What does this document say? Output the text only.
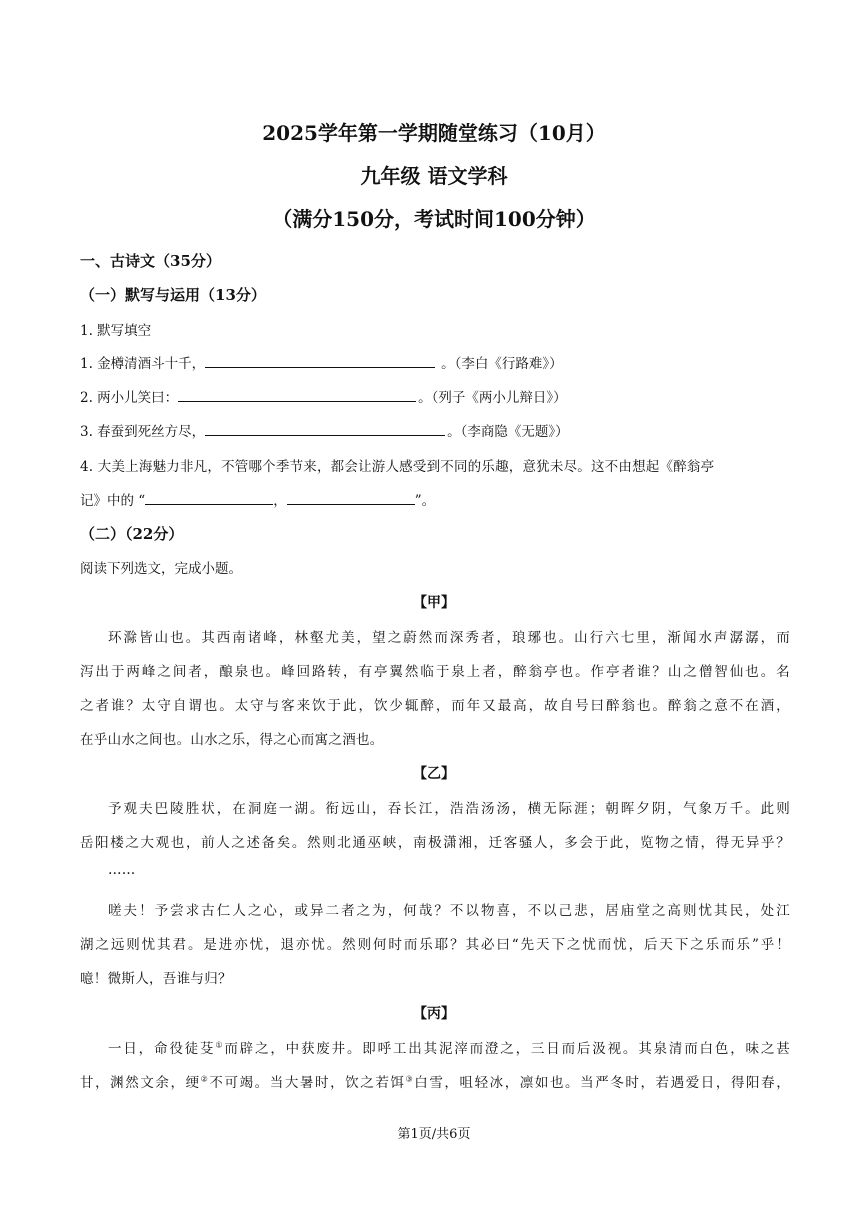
2025学年第一学期随堂练习（10月）
九年级 语文学科
（满分150分，考试时间100分钟）
一、古诗文（35分）
（一）默写与运用（13分）
1. 默写填空
1. 金樽清酒斗十千，	。（李白《行路难》）
2. 两小儿笑曰：	。（列子《两小儿辩日》）
3. 春蚕到死丝方尽，	。（李商隐《无题》）
4. 大美上海魅力非凡，不管哪个季节来，都会让游人感受到不同的乐趣，意犹未尽。这不由想起《醉翁亭
记》中的 “	，	”。
（二）（22分）
阅读下列选文，完成小题。
【甲】
环滁皆山也。其西南诸峰，林壑尤美，望之蔚然而深秀者，琅琊也。山行六七里，渐闻水声潺潺，而
泻出于两峰之间者，酿泉也。峰回路转，有亭翼然临于泉上者，醉翁亭也。作亭者谁？山之僧智仙也。名
之者谁？太守自谓也。太守与客来饮于此，饮少辄醉，而年又最高，故自号曰醉翁也。醉翁之意不在酒，
在乎山水之间也。山水之乐，得之心而寓之酒也。
【乙】
予观夫巴陵胜状，在洞庭一湖。衔远山，吞长江，浩浩汤汤，横无际涯；朝晖夕阴，气象万千。此则
岳阳楼之大观也，前人之述备矣。然则北通巫峡，南极潇湘，迁客骚人，多会于此，览物之情，得无异乎？
……
嗟夫！予尝求古仁人之心，或异二者之为，何哉？不以物喜，不以己悲，居庙堂之高则忧其民，处江
湖之远则忧其君。是进亦忧，退亦忧。然则何时而乐耶？其必曰“先天下之忧而忧，后天下之乐而乐”乎！
噫！微斯人，吾谁与归？
【丙】
一日，命役徒芟①而辟之，中获废井。即呼工出其泥滓而澄之，三日而后汲视。其泉清而白色，味之甚
甘，渊然文余，绠②不可竭。当大暑时，饮之若饵③白雪，咀轻冰，凛如也。当严冬时，若遇爱日，得阳春，
第1页/共6页
